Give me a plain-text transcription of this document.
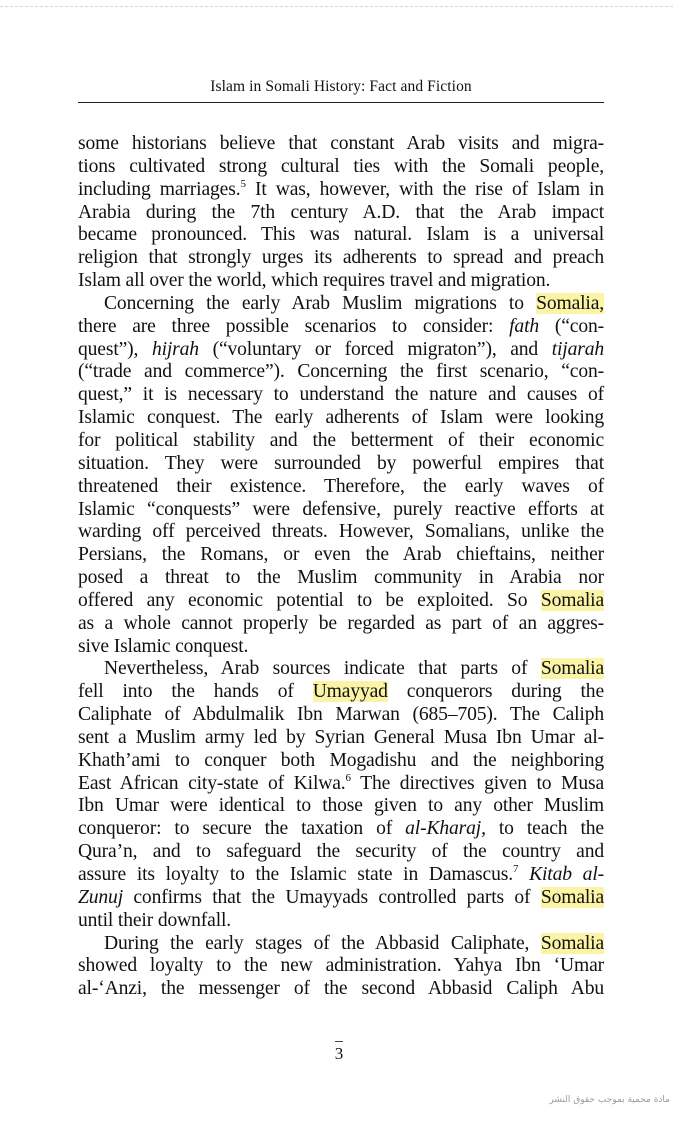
Islam in Somali History: Fact and Fiction

some historians believe that constant Arab visits and migra-
tions cultivated strong cultural ties with the Somali people,
including marriages.$^5$ It was, however, with the rise of Islam in
Arabia during the 7th century A.D. that the Arab impact
became pronounced. This was natural. Islam is a universal
religion that strongly urges its adherents to spread and preach
Islam all over the world, which requires travel and migration.

Concerning the early Arab Muslim migrations to Somalia,
there are three possible scenarios to consider: fath (“con-
quest”), hijrah (“voluntary or forced migraton”), and tijarah
(“trade and commerce”). Concerning the first scenario, “con-
quest,” it is necessary to understand the nature and causes of
Islamic conquest. The early adherents of Islam were looking
for political stability and the betterment of their economic
situation. They were surrounded by powerful empires that
threatened their existence. Therefore, the early waves of
Islamic “conquests” were defensive, purely reactive efforts at
warding off perceived threats. However, Somalians, unlike the
Persians, the Romans, or even the Arab chieftains, neither
posed a threat to the Muslim community in Arabia nor
offered any economic potential to be exploited. So Somalia
as a whole cannot properly be regarded as part of an aggres-
sive Islamic conquest.

Nevertheless, Arab sources indicate that parts of Somalia
fell into the hands of Umayyad conquerors during the
Caliphate of Abdulmalik Ibn Marwan (685–705). The Caliph
sent a Muslim army led by Syrian General Musa Ibn Umar al-
Khath’ami to conquer both Mogadishu and the neighboring
East African city-state of Kilwa.$^6$ The directives given to Musa
Ibn Umar were identical to those given to any other Muslim
conqueror: to secure the taxation of al-Kharaj, to teach the
Qura’n, and to safeguard the security of the country and
assure its loyalty to the Islamic state in Damascus.$^7$ Kitab al-
Zunuj confirms that the Umayyads controlled parts of Somalia
until their downfall.

During the early stages of the Abbasid Caliphate, Somalia
showed loyalty to the new administration. Yahya Ibn ‘Umar
al-‘Anzi, the messenger of the second Abbasid Caliph Abu

3
مادة محمية بموجب حقوق النشر
